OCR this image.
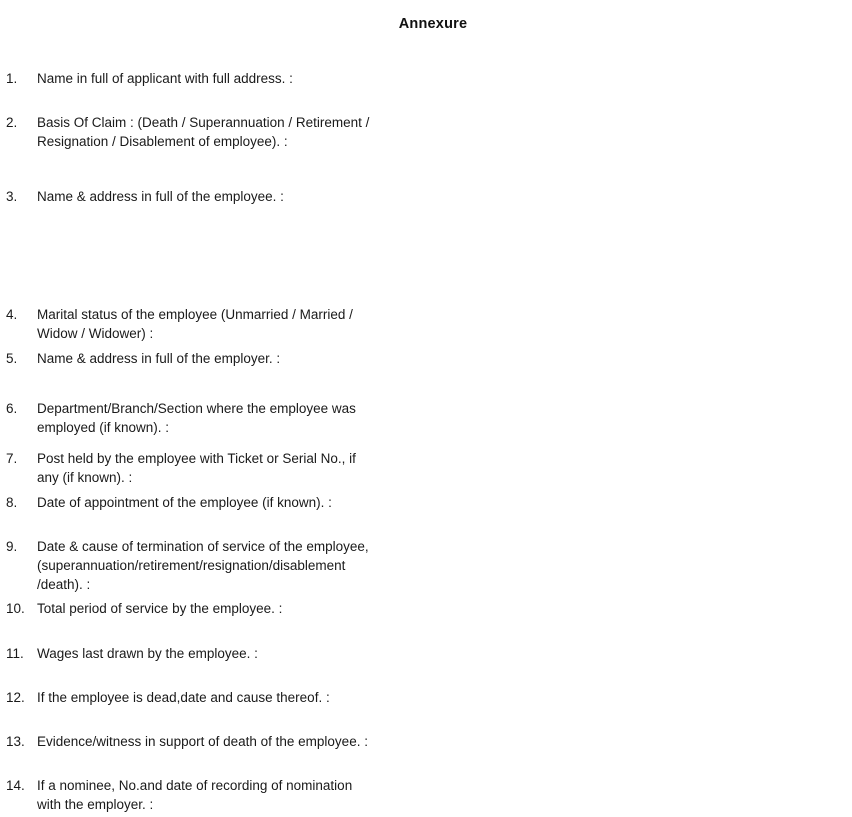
Annexure
1.	Name in full of applicant with full address. :
2.	Basis Of Claim : (Death / Superannuation / Retirement /
Resignation / Disablement of employee). :
3.	Name & address in full of the employee. :
4.	Marital status of the employee (Unmarried / Married /
Widow / Widower) :
5.	Name & address in full of the employer. :
6.	Department/Branch/Section where the employee was
employed (if known). :
7.	Post held by the employee with Ticket or Serial No., if
any (if known). :
8.	Date of appointment of the employee (if known). :
9.	Date & cause of termination of service of the employee,
(superannuation/retirement/resignation/disablement
/death). :
10. Total period of service by the employee. :
11. Wages last drawn by the employee. :
12. If the employee is dead,date and cause thereof. :
13. Evidence/witness in support of death of the employee. :
14. If a nominee, No.and date of recording of nomination
with the employer. :
